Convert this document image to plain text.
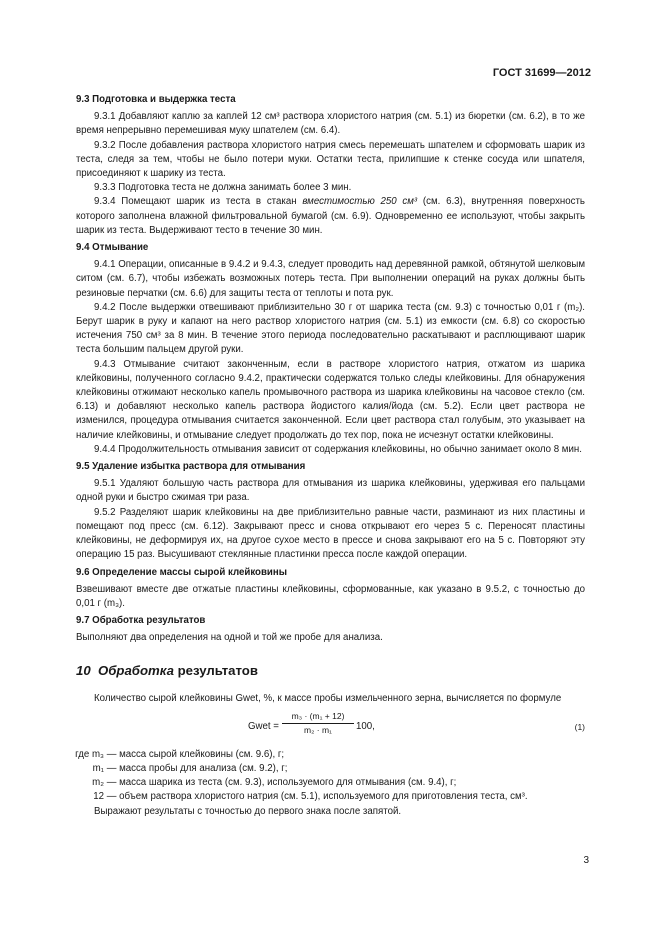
ГОСТ 31699—2012
9.3 Подготовка и выдержка теста

9.3.1 Добавляют каплю за каплей 12 см³ раствора хлористого натрия (см. 5.1) из бюретки (см. 6.2), в то же время непрерывно перемешивая муку шпателем (см. 6.4).

9.3.2 После добавления раствора хлористого натрия смесь перемешать шпателем и сформовать шарик из теста, следя за тем, чтобы не было потери муки. Остатки теста, прилипшие к стенке сосуда или шпателя, присоединяют к шарику из теста.

9.3.3 Подготовка теста не должна занимать более 3 мин.

9.3.4 Помещают шарик из теста в стакан вместимостью 250 см³ (см. 6.3), внутренняя поверхность которого заполнена влажной фильтровальной бумагой (см. 6.9). Одновременно ее используют, чтобы закрыть шарик из теста. Выдерживают тесто в течение 30 мин.

9.4 Отмывание

9.4.1 Операции, описанные в 9.4.2 и 9.4.3, следует проводить над деревянной рамкой, обтянутой шелковым ситом (см. 6.7), чтобы избежать возможных потерь теста. При выполнении операций на руках должны быть резиновые перчатки (см. 6.6) для защиты теста от теплоты и пота рук.

9.4.2 После выдержки отвешивают приблизительно 30 г от шарика теста (см. 9.3) с точностью 0,01 г (m₂). Берут шарик в руку и капают на него раствор хлористого натрия (см. 5.1) из емкости (см. 6.8) со скоростью истечения 750 см³ за 8 мин. В течение этого периода последовательно раскатывают и расплющивают шарик теста большим пальцем другой руки.

9.4.3 Отмывание считают законченным, если в растворе хлористого натрия, отжатом из шарика клейковины, полученного согласно 9.4.2, практически содержатся только следы клейковины. Для обнаружения клейковины отжимают несколько капель промывочного раствора из шарика клейковины на часовое стекло (см. 6.13) и добавляют несколько капель раствора йодистого калия/йода (см. 5.2). Если цвет раствора не изменился, процедура отмывания считается законченной. Если цвет раствора стал голубым, это указывает на наличие клейковины, и отмывание следует продолжать до тех пор, пока не исчезнут остатки клейковины.

9.4.4 Продолжительность отмывания зависит от содержания клейковины, но обычно занимает около 8 мин.

9.5 Удаление избытка раствора для отмывания

9.5.1 Удаляют большую часть раствора для отмывания из шарика клейковины, удерживая его пальцами одной руки и быстро сжимая три раза.

9.5.2 Разделяют шарик клейковины на две приблизительно равные части, разминают из них пластины и помещают под пресс (см. 6.12). Закрывают пресс и снова открывают его через 5 с. Переносят пластины клейковины, не деформируя их, на другое сухое место в прессе и снова закрывают его на 5 с. Повторяют эту операцию 15 раз. Высушивают стеклянные пластинки пресса после каждой операции.

9.6 Определение массы сырой клейковины

Взвешивают вместе две отжатые пластины клейковины, сформованные, как указано в 9.5.2, с точностью до 0,01 г (m₃).

9.7 Обработка результатов

Выполняют два определения на одной и той же пробе для анализа.

10 Обработка результатов

Количество сырой клейковины Gwet, %, к массе пробы измельченного зерна, вычисляется по формуле

Gwet = $\frac{\text{m₃ · (m₁ + 12)}}{\text{m₂ · m₁}} 100$,	(1)

где m₃ — масса сырой клейковины (см. 9.6), г;

m₁ — масса пробы для анализа (см. 9.2), г;

m₂ — масса шарика из теста (см. 9.3), используемого для отмывания (см. 9.4), г;

12 — объем раствора хлористого натрия (см. 5.1), используемого для приготовления теста, см³.

Выражают результаты с точностью до первого знака после запятой.

3
